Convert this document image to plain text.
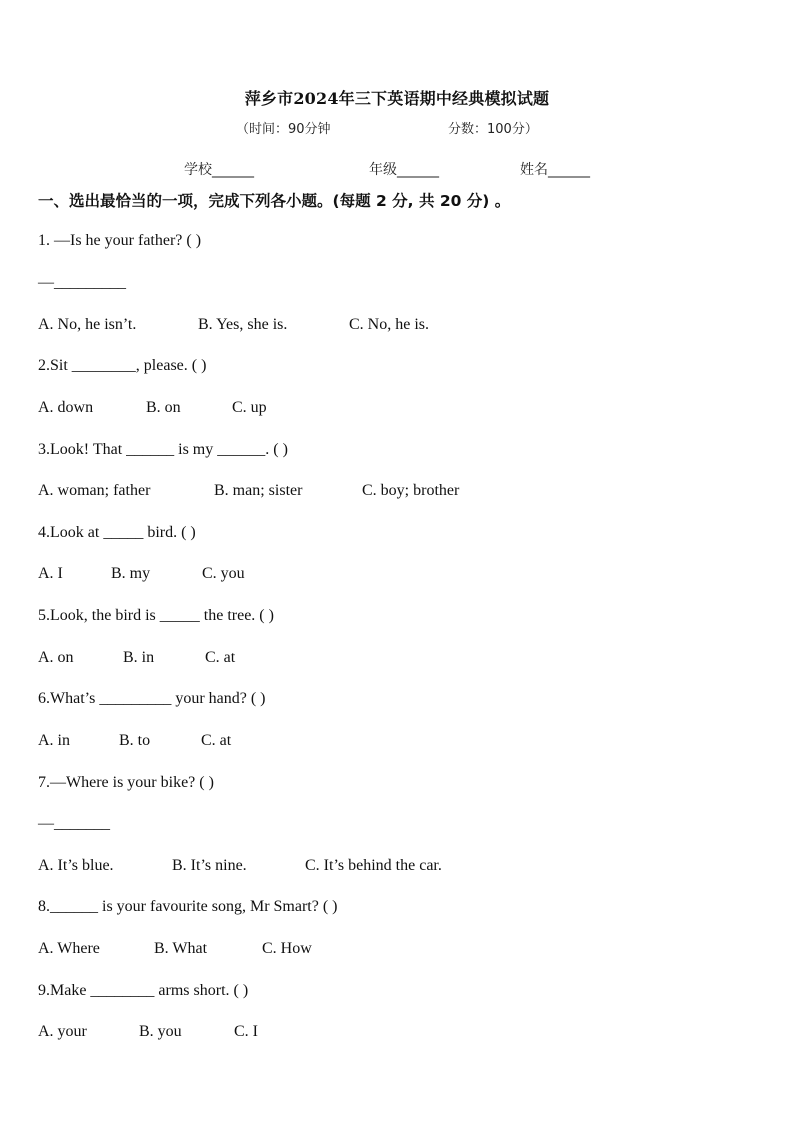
萍乡市2024年三下英语期中经典模拟试题
（时间：90分钟	分数：100分）
学校______	年级______	姓名______
一、选出最恰当的一项，完成下列各小题。(每题 2 分, 共 20 分) 。
1. —Is he your father? ( )
—_________
A. No, he isn’t.	B. Yes, she is.	C. No, he is.
2.Sit ________, please. ( )
A. down	B. on	C. up
3.Look! That ______ is my ______. ( )
A. woman; father	B. man; sister	C. boy; brother
4.Look at _____ bird. ( )
A. I	B. my	C. you
5.Look, the bird is _____ the tree. ( )
A. on	B. in	C. at
6.What’s _________ your hand? ( )
A. in	B. to	C. at
7.—Where is your bike? ( )
—_______
A. It’s blue.	B. It’s nine.	C. It’s behind the car.
8.______ is your favourite song, Mr Smart? ( )
A. Where	B. What	C. How
9.Make ________ arms short. ( )
A. your	B. you	C. I
